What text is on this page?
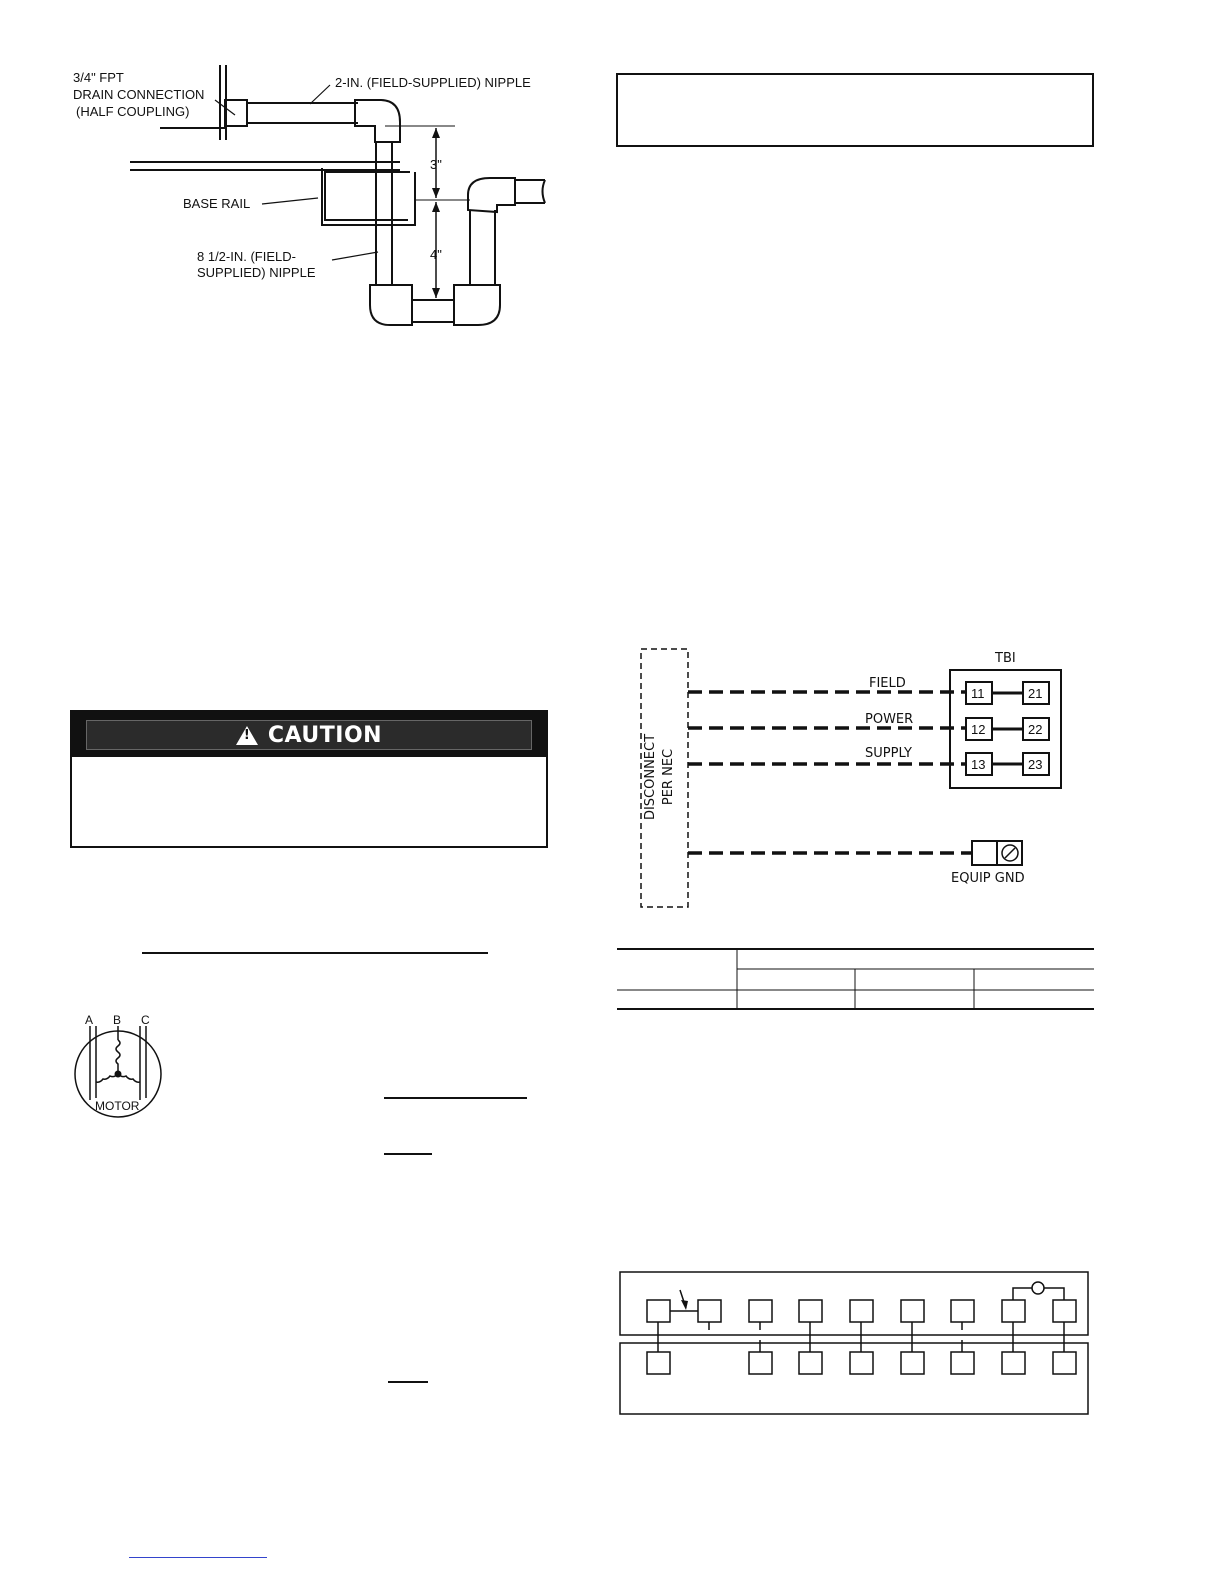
3/4" FPT
DRAIN CONNECTION
(HALF COUPLING)
2-IN. (FIELD-SUPPLIED) NIPPLE
BASE RAIL
8 1/2-IN. (FIELD-
SUPPLIED) NIPPLE
3"
4"
! CAUTION
A B C
MOTOR
FIELD
POWER
SUPPLY
TBI
11	21
12	22
13	23
EQUIP GND
DISCONNECT PER NEC
